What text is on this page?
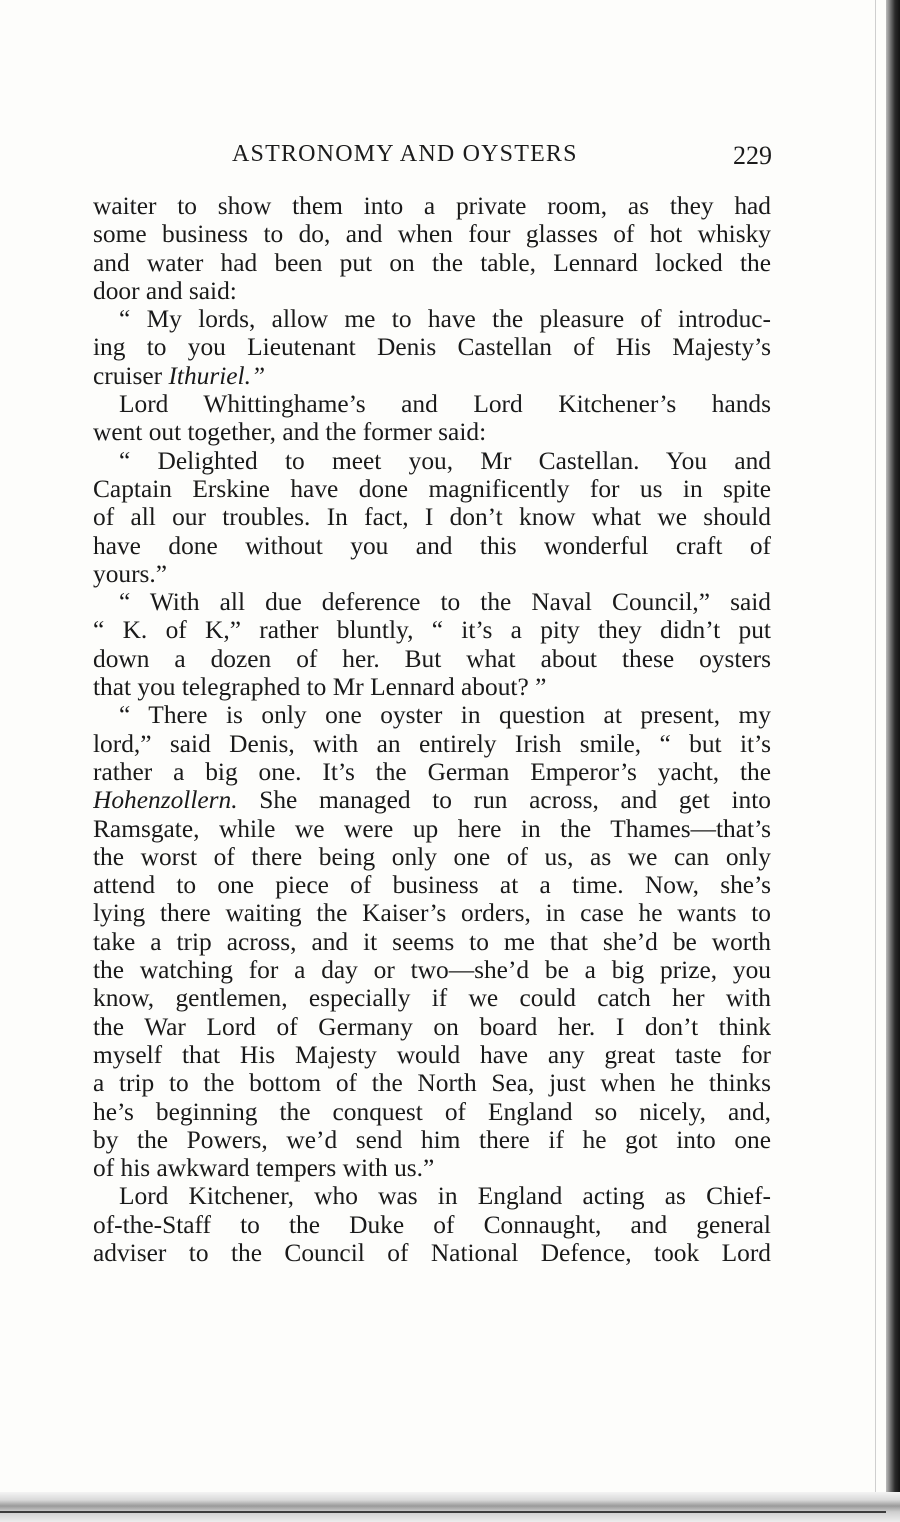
ASTRONOMY AND OYSTERS	229
waiter to show them into a private room, as they had
some business to do, and when four glasses of hot whisky
and water had been put on the table, Lennard locked the
door and said:
“ My lords, allow me to have the pleasure of introduc-
ing to you Lieutenant Denis Castellan of His Majesty’s
cruiser Ithuriel.”
Lord Whittinghame’s and Lord Kitchener’s hands
went out together, and the former said:
“ Delighted to meet you, Mr Castellan. You and
Captain Erskine have done magnificently for us in spite
of all our troubles. In fact, I don’t know what we should
have done without you and this wonderful craft of
yours.”
“ With all due deference to the Naval Council,” said
“ K. of K,” rather bluntly, “ it’s a pity they didn’t put
down a dozen of her. But what about these oysters
that you telegraphed to Mr Lennard about? ”
“ There is only one oyster in question at present, my
lord,” said Denis, with an entirely Irish smile, “ but it’s
rather a big one. It’s the German Emperor’s yacht, the
Hohenzollern. She managed to run across, and get into
Ramsgate, while we were up here in the Thames—that’s
the worst of there being only one of us, as we can only
attend to one piece of business at a time. Now, she’s
lying there waiting the Kaiser’s orders, in case he wants to
take a trip across, and it seems to me that she’d be worth
the watching for a day or two—she’d be a big prize, you
know, gentlemen, especially if we could catch her with
the War Lord of Germany on board her. I don’t think
myself that His Majesty would have any great taste for
a trip to the bottom of the North Sea, just when he thinks
he’s beginning the conquest of England so nicely, and,
by the Powers, we’d send him there if he got into one
of his awkward tempers with us.”
Lord Kitchener, who was in England acting as Chief-
of-the-Staff to the Duke of Connaught, and general
adviser to the Council of National Defence, took Lord
